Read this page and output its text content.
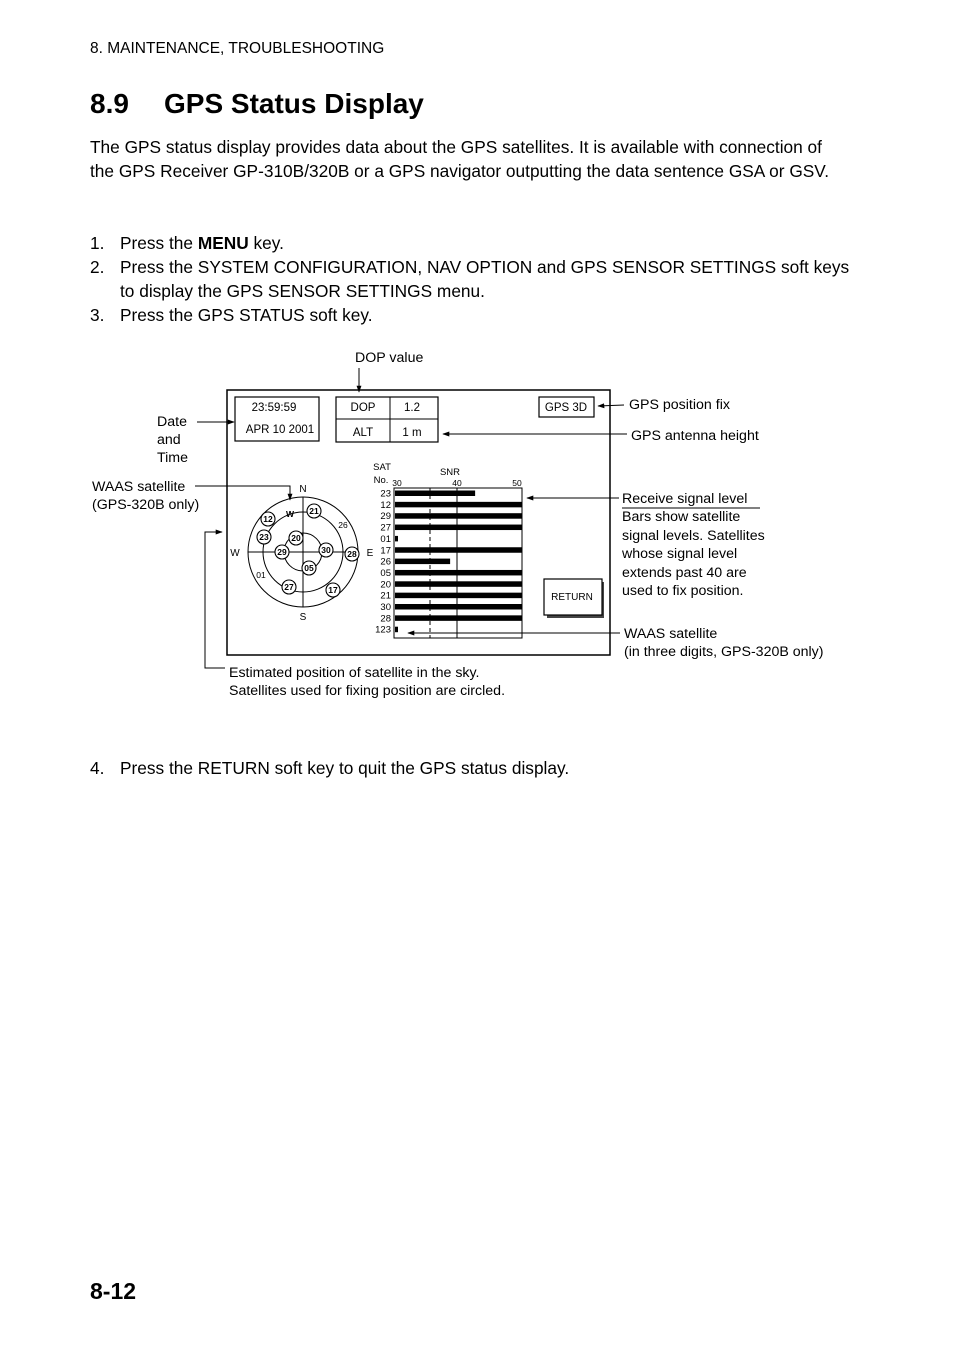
8. MAINTENANCE, TROUBLESHOOTING
8.9 GPS Status Display

The GPS status display provides data about the GPS satellites. It is available with connection of the GPS Receiver GP-310B/320B or a GPS navigator outputting the data sentence GSA or GSV.

1. Press the MENU key.
2. Press the SYSTEM CONFIGURATION, NAV OPTION and GPS SENSOR SETTINGS soft keys to display the GPS SENSOR SETTINGS menu.
3. Press the GPS STATUS soft key.
23:59:59
APR 10 2001
DOP 1.2
ALT	1 m
GPS 3D
RETURN
N
S
E
W
W
12
21
26
23	20
29	30 28
05
01
27	17
SAT
No.
SNR
30	40	50
23
12
29
27
01
17
26
05
20
21
30
28
123
DOP value
Date
and
Time
WAAS satellite
(GPS-320B only)
GPS position fix
GPS antenna height
Receive signal level
Bars show satellite
signal levels. Satellites
whose signal level
extends past 40 are
used to fix position.
WAAS satellite
(in three digits, GPS-320B only)
Estimated position of satellite in the sky.
Satellites used for fixing position are circled.
4. Press the RETURN soft key to quit the GPS status display.
8-12
